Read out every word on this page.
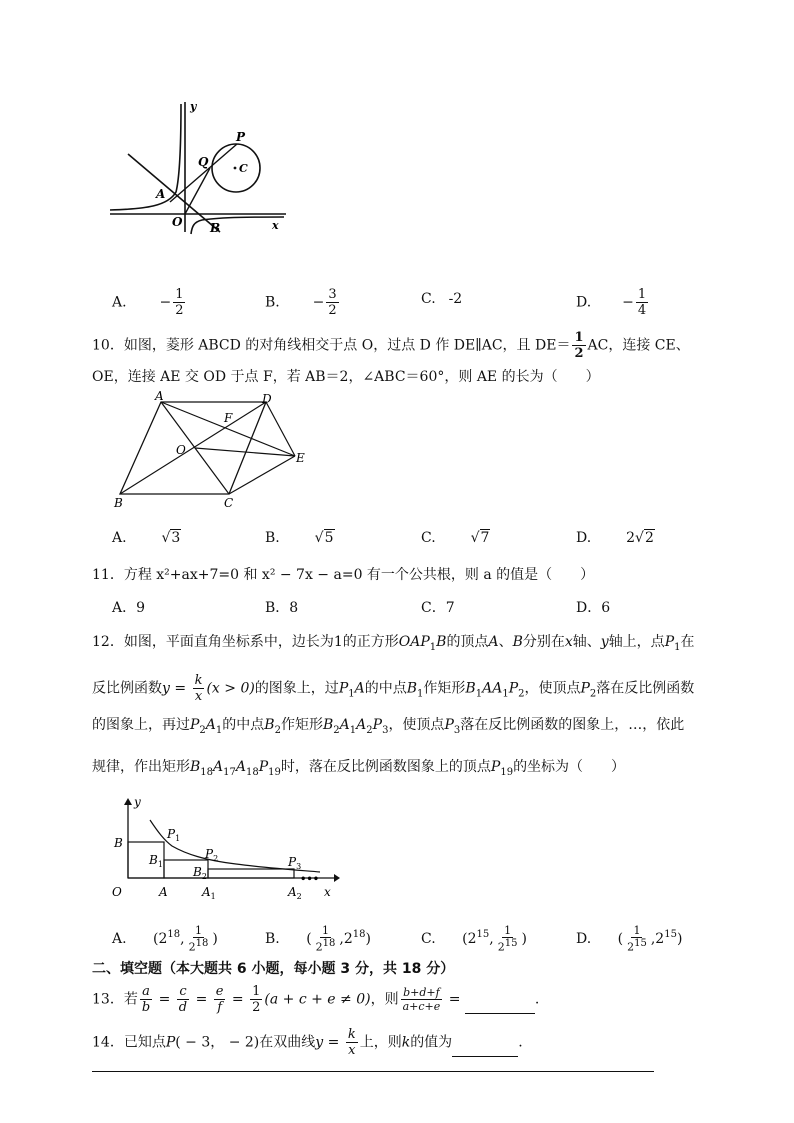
y
x
P
Q	C
A
O B
A. − $\frac{1}{2}$	B. − $\frac{3}{2}$	C. -2	D. − $\frac{1}{4}$
10．如图，菱形 ABCD 的对角线相交于点 O，过点 D 作 DE∥AC，且 $DE= \frac{1}{2}$ AC，连接 CE、
OE，连接 AE 交 OD 于点 F，若 AB＝2，∠ABC＝60°，则 AE 的长为（　　）
A	D
F
O
E
B	C
A. √3	B. √5	C. √7	D. 2√2
11．方程 x²+ax+7=0 和 x² − 7x − a=0 有一个公共根，则 a 的值是（　　）
A．9	B．8	C．7	D．6
12．如图，平面直角坐标系中，边长为1的正方形$OAP_1B$的顶点A、B分别在x轴、y轴上，点$P_1$在
反比例函数$y = \frac{k}{x} (x > 0)$的图象上，过$P_1A$的中点$B_1$作矩形$B_1AA_1P_2$，使顶点$P_2$落在反比例函数
的图象上，再过$P_2A_1$的中点$B_2$作矩形$B_2A_1A_2P_3$，使顶点$P_3$落在反比例函数的图象上，…，依此
规律，作出矩形$B_{18}A_{17}A_{18}P_{19}$时，落在反比例函数图象上的顶点$P_{19}$的坐标为（　　）
y
x
B
$P_1$
$B_1$
$P_2$
$B_2$
$P_3$
•••
O	A	$A_1$	$A_2$
A. ($2^{18}$, $\frac{1}{2^{18}}$ )	B. ( $\frac{1}{2^{18}} ,2^{18}$)	C. ($2^{15}$, $\frac{1}{2^{15}}$ )	D. ( $\frac{1}{2^{15}} ,2^{15}$)
二、填空题（本大题共 6 小题，每小题 3 分，共 18 分）
13．若 $\frac{a}{b} = \frac{c}{d} = \frac{e}{f} = \frac{1}{2} (a + c + e \ne 0)$，则 $\frac{b+d+f}{a+c+e}$ =	.
14．已知点P( − 3， − 2)在双曲线$y = \frac{k}{x}$ 上，则k的值为	.
